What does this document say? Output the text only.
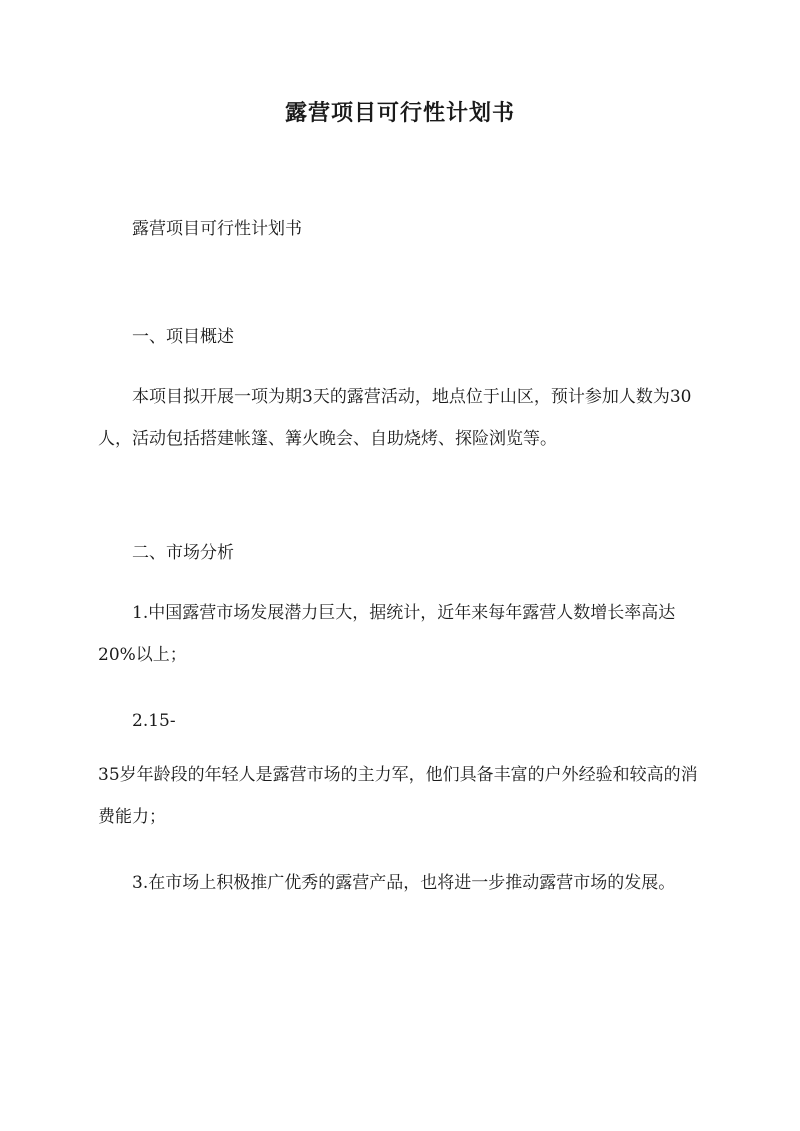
露营项目可行性计划书
露营项目可行性计划书
一、项目概述
本项目拟开展一项为期3天的露营活动，地点位于山区，预计参加人数为30人，活动包括搭建帐篷、篝火晚会、自助烧烤、探险浏览等。
二、市场分析
1.中国露营市场发展潜力巨大，据统计，近年来每年露营人数增长率高达20%以上；
2.15-
35岁年龄段的年轻人是露营市场的主力军，他们具备丰富的户外经验和较高的消费能力；
3.在市场上积极推广优秀的露营产品，也将进一步推动露营市场的发展。
